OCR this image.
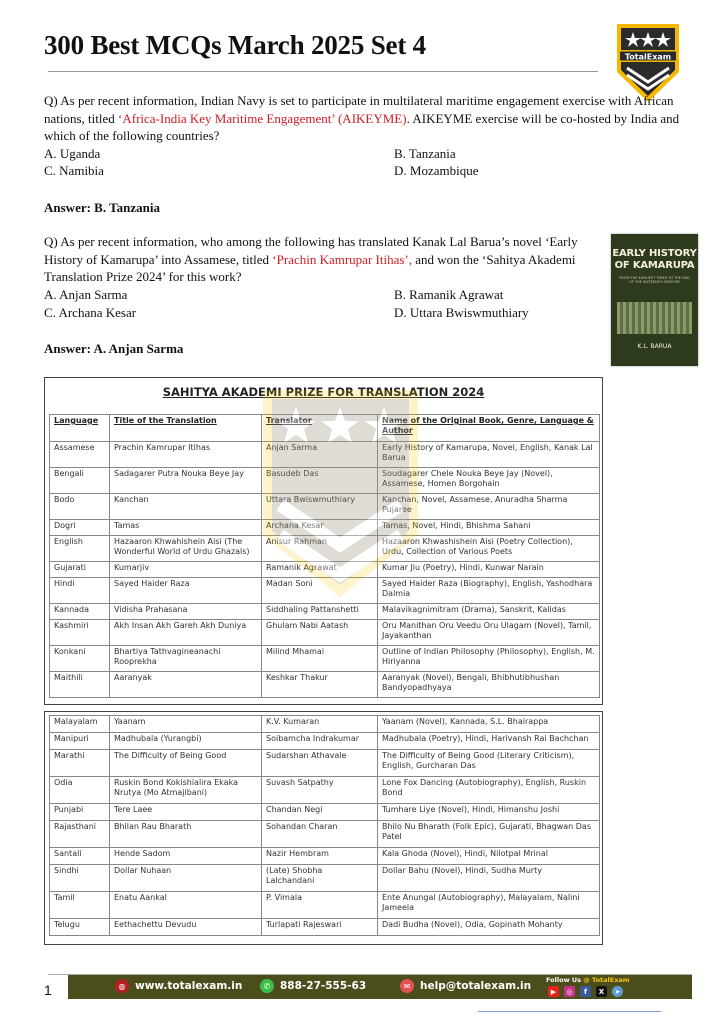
300 Best MCQs March 2025 Set 4	TotalExam
Q) As per recent information, Indian Navy is set to participate in multilateral maritime engagement exercise with African nations, titled ‘Africa-India Key Maritime Engagement’ (AIKEYME). AIKEYME exercise will be co-hosted by India and which of the following countries?
A. Uganda	B. Tanzania
C. Namibia	D. Mozambique
Answer: B. Tanzania
Q) As per recent information, who among the following has translated Kanak Lal Barua’s novel ‘Early History of Kamarupa’ into Assamese, titled ‘Prachin Kamrupar Itihas’, and won the ‘Sahitya Akademi Translation Prize 2024’ for this work?
A. Anjan Sarma	B. Ramanik Agrawat
C. Archana Kesar	D. Uttara Bwiswmuthiary
Answer: A. Anjan Sarma
EARLY HISTORY OF KAMARUPA
FROM THE EARLIEST TIMES TO THE END OF THE SIXTEENTH CENTURY
K.L. BARUA
SAHITYA AKADEMI PRIZE FOR TRANSLATION 2024
Language	Title of the Translation	Translator	Name of the Original Book, Genre, Language & Author
Assamese	Prachin Kamrupar Itihas	Anjan Sarma	Early History of Kamarupa, Novel, English, Kanak Lal Barua
Bengali	Sadagarer Putra Nouka Beye Jay	Basudeb Das	Soudagarer Chele Nouka Beye Jay (Novel), Assamese, Homen Borgohain
Bodo	Kanchan	Uttara Bwiswmuthiary	Kanchan, Novel, Assamese, Anuradha Sharma Pujaree
Dogri	Tamas	Archana Kesar	Tamas, Novel, Hindi, Bhishma Sahani
English	Hazaaron Khwahishein Aisi (The Wonderful World of Urdu Ghazals)	Anisur Rahman	Hazaaron Khwashishein Aisi (Poetry Collection), Urdu, Collection of Various Poets
Gujarati	Kumarjiv	Ramanik Agrawat	Kumar Jiu (Poetry), Hindi, Kunwar Narain
Hindi	Sayed Haider Raza	Madan Soni	Sayed Haider Raza (Biography), English, Yashodhara Dalmia
Kannada	Vidisha Prahasana	Siddhaling Pattanshetti	Malavikagnimitram (Drama), Sanskrit, Kalidas
Kashmiri	Akh Insan Akh Gareh Akh Duniya	Ghulam Nabi Aatash	Oru Manithan Oru Veedu Oru Ulagam (Novel), Tamil, Jayakanthan
Konkani	Bhartiya Tathvagineanachi Rooprekha	Milind Mhamai	Outline of Indian Philosophy (Philosophy), English, M. Hiriyanna
Maithili	Aaranyak	Keshkar Thakur	Aaranyak (Novel), Bengali, Bhibhutibhushan Bandyopadhyaya
Malayalam	Yaanam	K.V. Kumaran	Yaanam (Novel), Kannada, S.L. Bhairappa
Manipuri	Madhubala (Yurangbi)	Soibamcha Indrakumar	Madhubala (Poetry), Hindi, Harivansh Rai Bachchan
Marathi	The Difficulty of Being Good	Sudarshan Athavale	The Difficulty of Being Good (Literary Criticism), English, Gurcharan Das
Odia	Ruskin Bond Kokishialira Ekaka Nrutya (Mo Atmajibani)	Suvash Satpathy	Lone Fox Dancing (Autobiography), English, Ruskin Bond
Punjabi	Tere Laee	Chandan Negi	Tumhare Liye (Novel), Hindi, Himanshu Joshi
Rajasthani	Bhilan Rau Bharath	Sohandan Charan	Bhilo Nu Bharath (Folk Epic), Gujarati, Bhagwan Das Patel
Santali	Hende Sadom	Nazir Hembram	Kala Ghoda (Novel), Hindi, Nilotpal Mrinal
Sindhi	Dollar Nuhaan	(Late) Shobha Lalchandani	Dollar Bahu (Novel), Hindi, Sudha Murty
Tamil	Enatu Aankal	P. Vimala	Ente Anungal (Autobiography), Malayalam, Nalini Jameela
Telugu	Eethachettu Devudu	Turlapati Rajeswari	Dadi Budha (Novel), Odia, Gopinath Mohanty
1	◍ www.totalexam.in	✆ 888-27-555-63	✉ help@totalexam.in Follow Us @ TotalExam
▶	◎	f	X	➤
